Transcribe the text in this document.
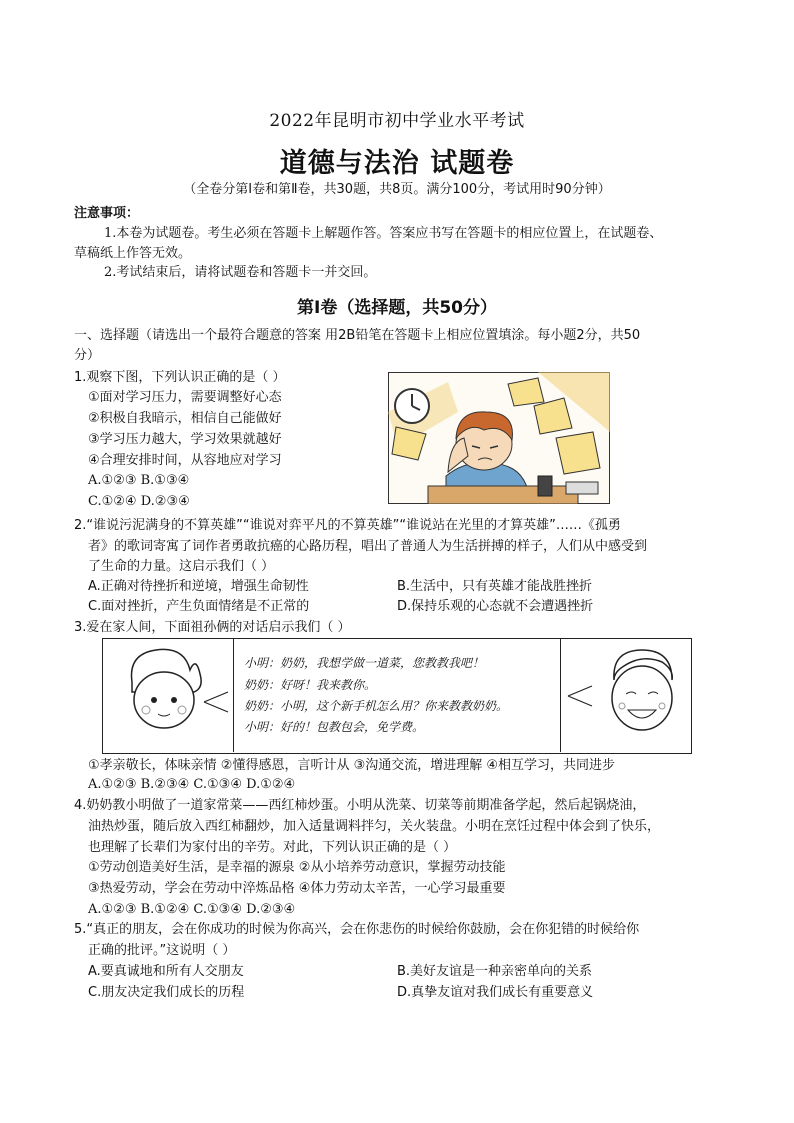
2022年昆明市初中学业水平考试
道德与法治 试题卷
（全卷分第Ⅰ卷和第Ⅱ卷，共30题，共8页。满分100分，考试用时90分钟）
注意事项：
1.本卷为试题卷。考生必须在答题卡上解题作答。答案应书写在答题卡的相应位置上，在试题卷、
草稿纸上作答无效。
2.考试结束后，请将试题卷和答题卡一并交回。
第Ⅰ卷（选择题，共50分）
一、选择题（请选出一个最符合题意的答案 用2B铅笔在答题卡上相应位置填涂。每小题2分，共50
分）
1.观察下图，下列认识正确的是（ ）
①面对学习压力，需要调整好心态
②积极自我暗示，相信自己能做好
③学习压力越大，学习效果就越好
④合理安排时间，从容地应对学习
A.①②③ B.①③④
C.①②④ D.②③④
2.“谁说污泥满身的不算英雄”“谁说对弈平凡的不算英雄”“谁说站在光里的才算英雄”……《孤勇
者》的歌词寄寓了词作者勇敢抗癌的心路历程，唱出了普通人为生活拼搏的样子，人们从中感受到
了生命的力量。这启示我们（ ）
A.正确对待挫折和逆境，增强生命韧性	B.生活中，只有英雄才能战胜挫折
C.面对挫折，产生负面情绪是不正常的	D.保持乐观的心态就不会遭遇挫折
3.爱在家人间，下面祖孙俩的对话启示我们（ ）
小明：奶奶，我想学做一道菜，您教教我吧！
奶奶：好呀！我来教你。
奶奶：小明，这个新手机怎么用？你来教教奶奶。
小明：好的！包教包会，免学费。
①孝亲敬长，体味亲情 ②懂得感恩，言听计从 ③沟通交流，增进理解 ④相互学习，共同进步
A.①②③ B.②③④ C.①③④ D.①②④
4.奶奶教小明做了一道家常菜——西红柿炒蛋。小明从洗菜、切菜等前期准备学起，然后起锅烧油，
油热炒蛋，随后放入西红柿翻炒，加入适量调料拌匀，关火装盘。小明在烹饪过程中体会到了快乐，
也理解了长辈们为家付出的辛劳。对此，下列认识正确的是（ ）
①劳动创造美好生活，是幸福的源泉 ②从小培养劳动意识，掌握劳动技能
③热爱劳动，学会在劳动中淬炼品格 ④体力劳动太辛苦，一心学习最重要
A.①②③ B.①②④ C.①③④ D.②③④
5.“真正的朋友，会在你成功的时候为你高兴，会在你悲伤的时候给你鼓励，会在你犯错的时候给你
正确的批评。”这说明（ ）
A.要真诚地和所有人交朋友	B.美好友谊是一种亲密单向的关系
C.朋友决定我们成长的历程	D.真挚友谊对我们成长有重要意义
